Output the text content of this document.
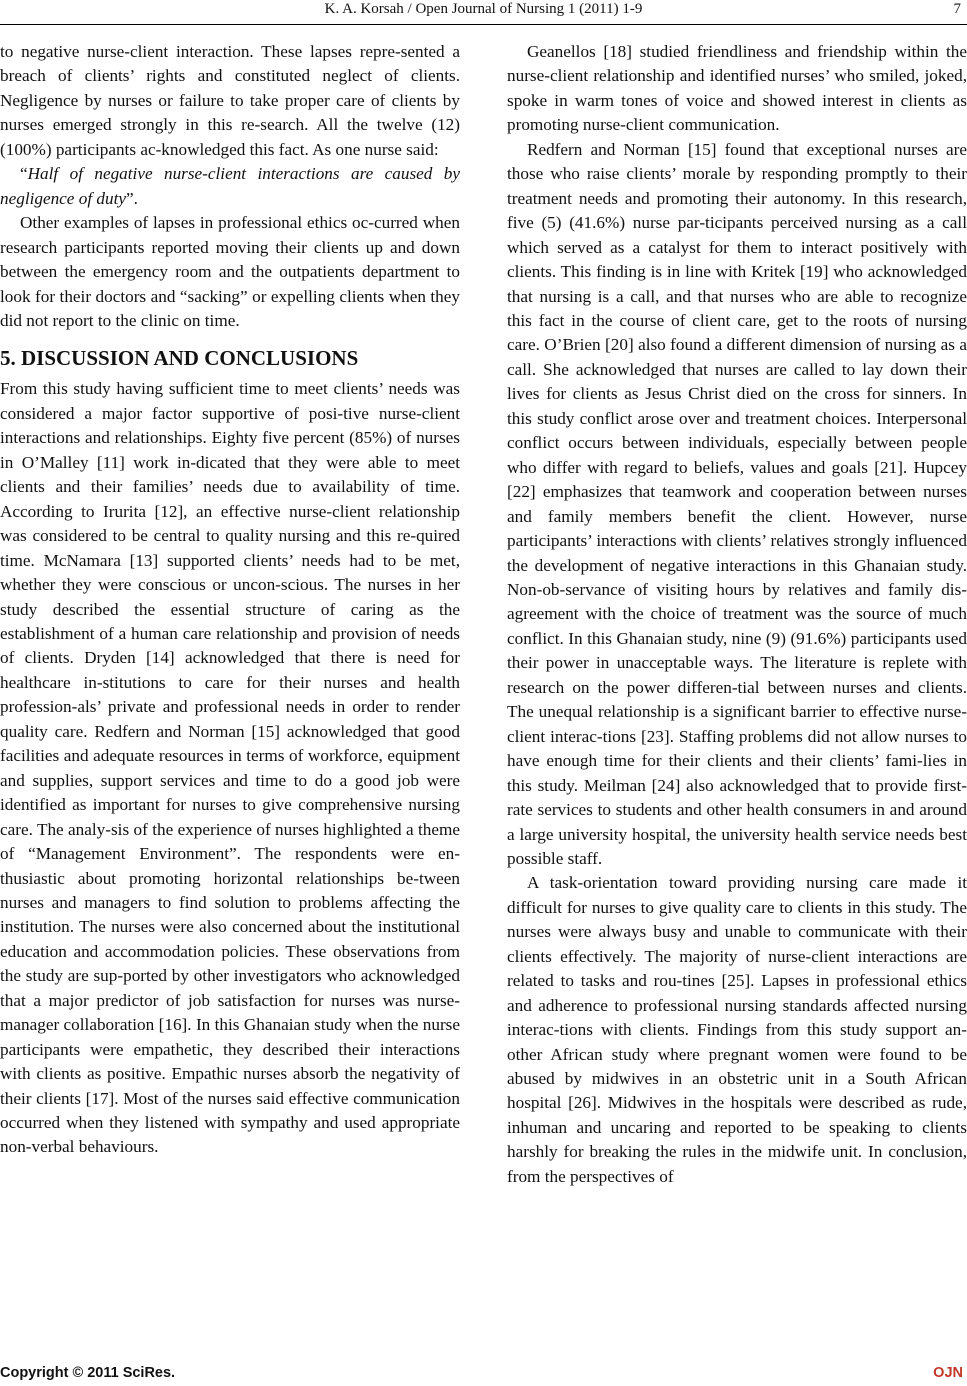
K. A. Korsah / Open Journal of Nursing 1 (2011) 1-9	7

to negative nurse-client interaction. These lapses repre-sented a breach of clients’ rights and constituted neglect of clients. Negligence by nurses or failure to take proper care of clients by nurses emerged strongly in this re-search. All the twelve (12) (100%) participants ac-knowledged this fact. As one nurse said:

“Half of negative nurse-client interactions are caused by negligence of duty”.

Other examples of lapses in professional ethics oc-curred when research participants reported moving their clients up and down between the emergency room and the outpatients department to look for their doctors and “sacking” or expelling clients when they did not report to the clinic on time.

5. DISCUSSION AND CONCLUSIONS

From this study having sufficient time to meet clients’ needs was considered a major factor supportive of posi-tive nurse-client interactions and relationships. Eighty five percent (85%) of nurses in O’Malley [11] work in-dicated that they were able to meet clients and their families’ needs due to availability of time. According to Irurita [12], an effective nurse-client relationship was considered to be central to quality nursing and this re-quired time. McNamara [13] supported clients’ needs had to be met, whether they were conscious or uncon-scious. The nurses in her study described the essential structure of caring as the establishment of a human care relationship and provision of needs of clients. Dryden [14] acknowledged that there is need for healthcare in-stitutions to care for their nurses and health profession-als’ private and professional needs in order to render quality care. Redfern and Norman [15] acknowledged that good facilities and adequate resources in terms of workforce, equipment and supplies, support services and time to do a good job were identified as important for nurses to give comprehensive nursing care. The analy-sis of the experience of nurses highlighted a theme of “Management Environment”. The respondents were en-thusiastic about promoting horizontal relationships be-tween nurses and managers to find solution to problems affecting the institution. The nurses were also concerned about the institutional education and accommodation policies. These observations from the study are sup-ported by other investigators who acknowledged that a major predictor of job satisfaction for nurses was nurse-manager collaboration [16]. In this Ghanaian study when the nurse participants were empathetic, they described their interactions with clients as positive. Empathic nurses absorb the negativity of their clients [17]. Most of the nurses said effective communication occurred when they listened with sympathy and used appropriate non-verbal behaviours.

Geanellos [18] studied friendliness and friendship within the nurse-client relationship and identified nurses’ who smiled, joked, spoke in warm tones of voice and showed interest in clients as promoting nurse-client communication.

Redfern and Norman [15] found that exceptional nurses are those who raise clients’ morale by responding promptly to their treatment needs and promoting their autonomy. In this research, five (5) (41.6%) nurse par-ticipants perceived nursing as a call which served as a catalyst for them to interact positively with clients. This finding is in line with Kritek [19] who acknowledged that nursing is a call, and that nurses who are able to recognize this fact in the course of client care, get to the roots of nursing care. O’Brien [20] also found a different dimension of nursing as a call. She acknowledged that nurses are called to lay down their lives for clients as Jesus Christ died on the cross for sinners. In this study conflict arose over and treatment choices. Interpersonal conflict occurs between individuals, especially between people who differ with regard to beliefs, values and goals [21]. Hupcey [22] emphasizes that teamwork and cooperation between nurses and family members benefit the client. However, nurse participants’ interactions with clients’ relatives strongly influenced the development of negative interactions in this Ghanaian study. Non-ob-servance of visiting hours by relatives and family dis-agreement with the choice of treatment was the source of much conflict. In this Ghanaian study, nine (9) (91.6%) participants used their power in unacceptable ways. The literature is replete with research on the power differen-tial between nurses and clients. The unequal relationship is a significant barrier to effective nurse-client interac-tions [23]. Staffing problems did not allow nurses to have enough time for their clients and their clients’ fami-lies in this study. Meilman [24] also acknowledged that to provide first-rate services to students and other health consumers in and around a large university hospital, the university health service needs best possible staff.

A task-orientation toward providing nursing care made it difficult for nurses to give quality care to clients in this study. The nurses were always busy and unable to communicate with their clients effectively. The majority of nurse-client interactions are related to tasks and rou-tines [25]. Lapses in professional ethics and adherence to professional nursing standards affected nursing interac-tions with clients. Findings from this study support an-other African study where pregnant women were found to be abused by midwives in an obstetric unit in a South African hospital [26]. Midwives in the hospitals were described as rude, inhuman and uncaring and reported to be speaking to clients harshly for breaking the rules in the midwife unit. In conclusion, from the perspectives of

Copyright © 2011 SciRes.	OJN
